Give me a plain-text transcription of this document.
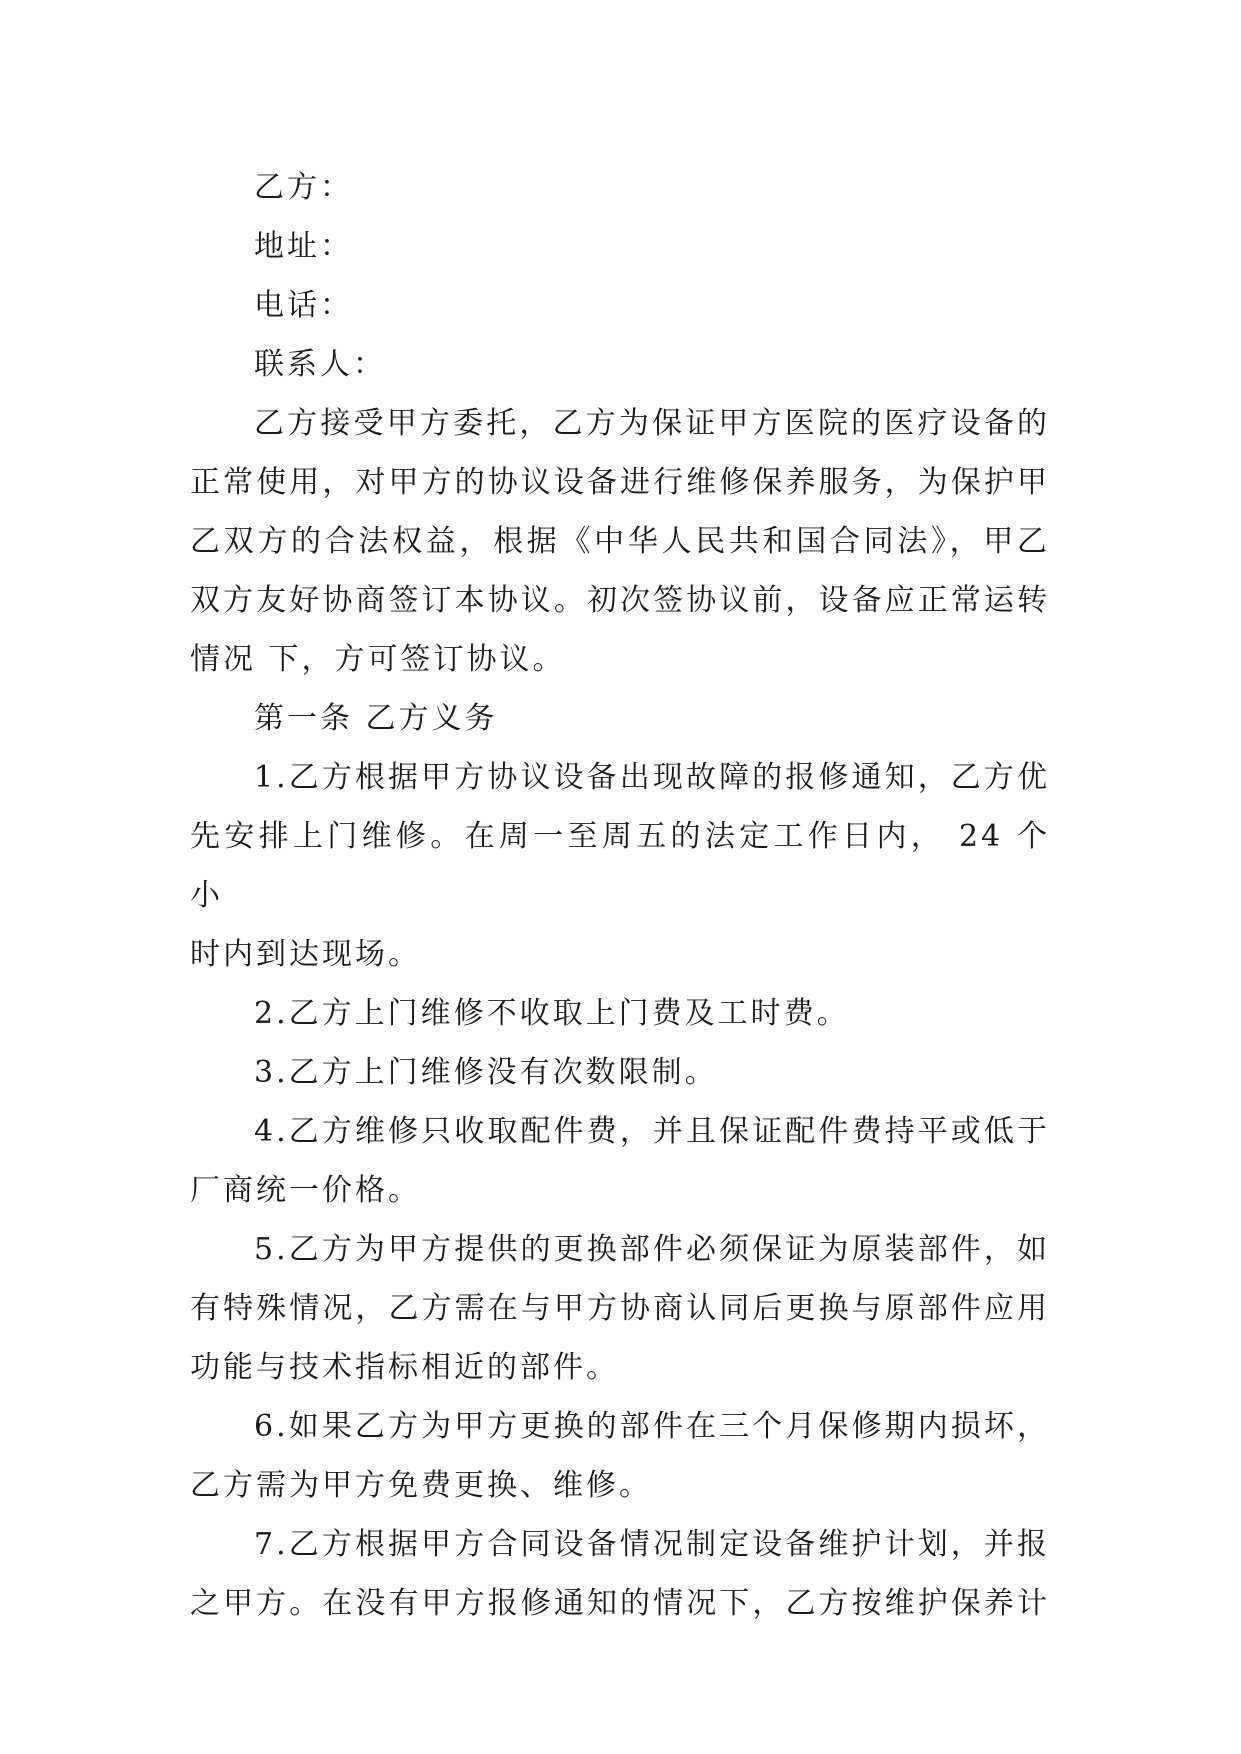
乙方：
地址：
电话：
联系人：
乙方接受甲方委托，乙方为保证甲方医院的医疗设备的
正常使用，对甲方的协议设备进行维修保养服务，为保护甲
乙双方的合法权益，根据《中华人民共和国合同法》，甲乙
双方友好协商签订本协议。初次签协议前，设备应正常运转
情况 下，方可签订协议。
第一条 乙方义务
1.乙方根据甲方协议设备出现故障的报修通知，乙方优
先安排上门维修。在周一至周五的法定工作日内， 24 个小
时内到达现场。
2.乙方上门维修不收取上门费及工时费。
3.乙方上门维修没有次数限制。
4.乙方维修只收取配件费，并且保证配件费持平或低于
厂商统一价格。
5.乙方为甲方提供的更换部件必须保证为原装部件，如
有特殊情况，乙方需在与甲方协商认同后更换与原部件应用
功能与技术指标相近的部件。
6.如果乙方为甲方更换的部件在三个月保修期内损坏，
乙方需为甲方免费更换、维修。
7.乙方根据甲方合同设备情况制定设备维护计划，并报
之甲方。在没有甲方报修通知的情况下，乙方按维护保养计
